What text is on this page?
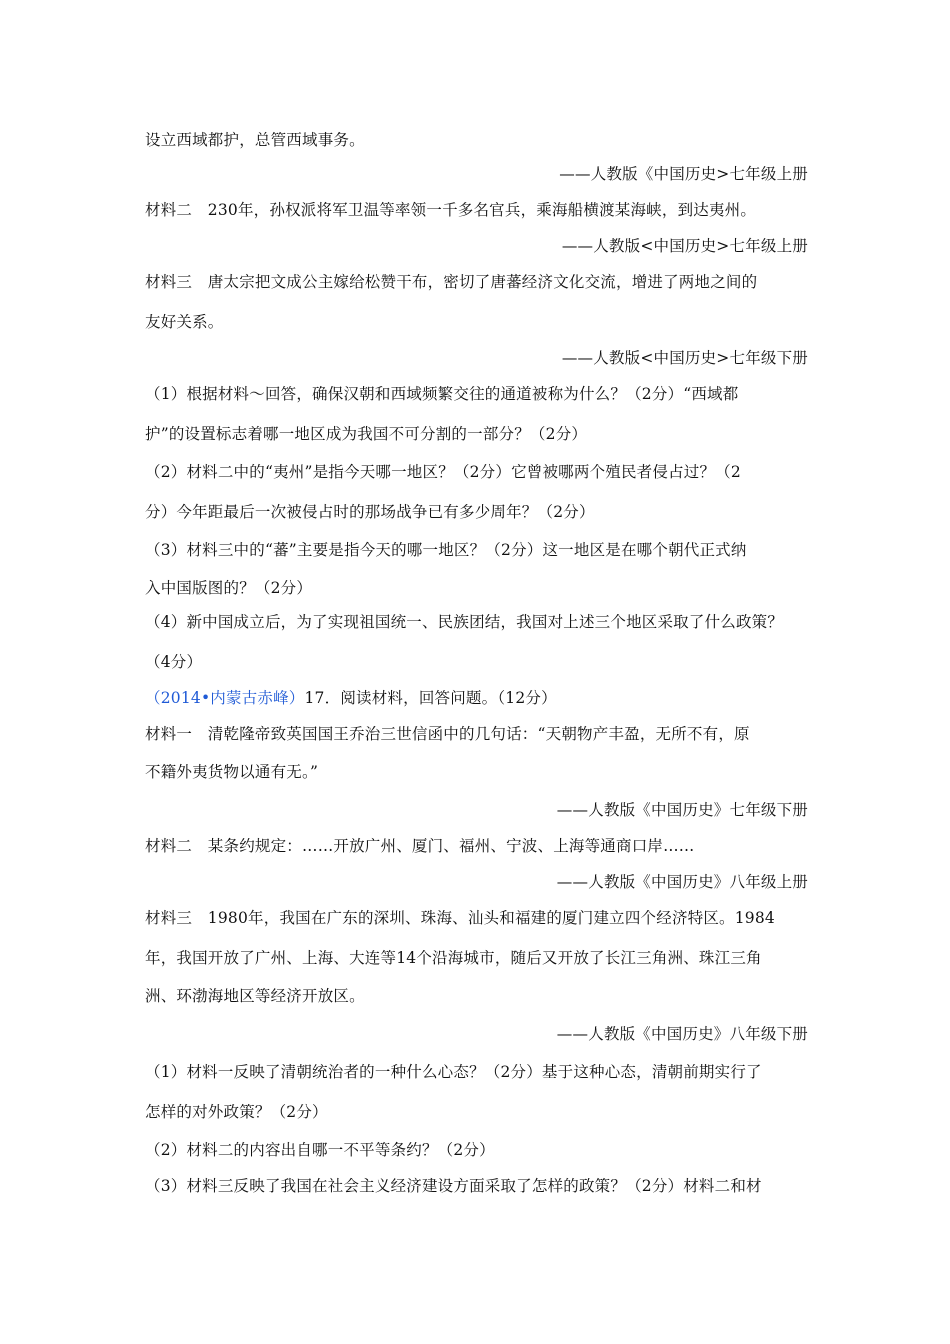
设立西域都护，总管西域事务。
——人教版《中国历史>七年级上册
材料二　230年，孙权派将军卫温等率领一千多名官兵，乘海船横渡某海峡，到达夷州。
——人教版<中国历史>七年级上册
材料三　唐太宗把文成公主嫁给松赞干布，密切了唐蕃经济文化交流，增进了两地之间的
友好关系。
——人教版<中国历史>七年级下册
（1）根据材料～回答，确保汉朝和西域频繁交往的通道被称为什么？（2分）“西域都
护”的设置标志着哪一地区成为我国不可分割的一部分？（2分）
（2）材料二中的“夷州”是指今天哪一地区？（2分）它曾被哪两个殖民者侵占过？（2
分）今年距最后一次被侵占时的那场战争已有多少周年？（2分）
（3）材料三中的“蕃”主要是指今天的哪一地区？（2分）这一地区是在哪个朝代正式纳
入中国版图的？（2分）
（4）新中国成立后，为了实现祖国统一、民族团结，我国对上述三个地区采取了什么政策？
（4分）
（2014•内蒙古赤峰）17．阅读材料，回答问题。（12分）
材料一　清乾隆帝致英国国王乔治三世信函中的几句话：“天朝物产丰盈，无所不有，原
不籍外夷货物以通有无。”
——人教版《中国历史》七年级下册
材料二　某条约规定：……开放广州、厦门、福州、宁波、上海等通商口岸……
——人教版《中国历史》八年级上册
材料三　1980年，我国在广东的深圳、珠海、汕头和福建的厦门建立四个经济特区。1984
年，我国开放了广州、上海、大连等14个沿海城市，随后又开放了长江三角洲、珠江三角
洲、环渤海地区等经济开放区。
——人教版《中国历史》八年级下册
（1）材料一反映了清朝统治者的一种什么心态？（2分）基于这种心态，清朝前期实行了
怎样的对外政策？（2分）
（2）材料二的内容出自哪一不平等条约？（2分）
（3）材料三反映了我国在社会主义经济建设方面采取了怎样的政策？（2分）材料二和材
